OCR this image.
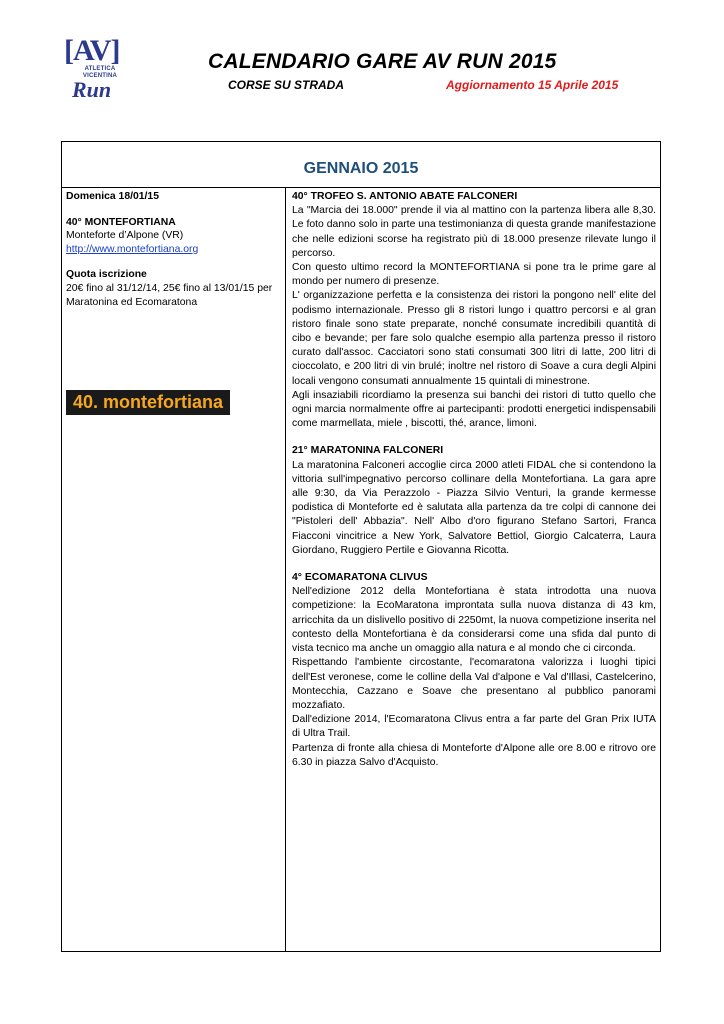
[AV]
ATLETICA VICENTINA
Run
CALENDARIO GARE AV RUN 2015
CORSE SU STRADA	Aggiornamento 15 Aprile 2015
GENNAIO 2015
Domenica 18/01/15
40° MONTEFORTIANA
Monteforte d’Alpone (VR)
http://www.montefortiana.org
Quota iscrizione
20€ fino al 31/12/14, 25€ fino al 13/01/15 per Maratonina ed Ecomaratona
40. montefortiana
40° TROFEO S. ANTONIO ABATE FALCONERI

La "Marcia dei 18.000" prende il via al mattino con la partenza libera alle 8,30. Le foto danno solo in parte una testimonianza di questa grande manifestazione che nelle edizioni scorse ha registrato più di 18.000 presenze rilevate lungo il percorso.

Con questo ultimo record la MONTEFORTIANA si pone tra le prime gare al mondo per numero di presenze.

L' organizzazione perfetta e la consistenza dei ristori la pongono nell' elite del podismo internazionale. Presso gli 8 ristori lungo i quattro percorsi e al gran ristoro finale sono state preparate, nonché consumate incredibili quantità di cibo e bevande; per fare solo qualche esempio alla partenza presso il ristoro curato dall'assoc. Cacciatori sono stati consumati 300 litri di latte, 200 litri di cioccolato, e 200 litri di vin brulé; inoltre nel ristoro di Soave a cura degli Alpini locali vengono consumati annualmente 15 quintali di minestrone.

Agli insaziabili ricordiamo la presenza sui banchi dei ristori di tutto quello che ogni marcia normalmente offre ai partecipanti: prodotti energetici indispensabili come marmellata, miele , biscotti, thé, arance, limoni.

21° MARATONINA FALCONERI

La maratonina Falconeri accoglie circa 2000 atleti FIDAL che si contendono la vittoria sull'impegnativo percorso collinare della Montefortiana. La gara apre alle 9:30, da Via Perazzolo - Piazza Silvio Venturi, la grande kermesse podistica di Monteforte ed è salutata alla partenza da tre colpi di cannone dei "Pistoleri dell' Abbazia". Nell' Albo d'oro figurano Stefano Sartori, Franca Fiacconi vincitrice a New York, Salvatore Bettiol, Giorgio Calcaterra, Laura Giordano, Ruggiero Pertile e Giovanna Ricotta.

4° ECOMARATONA CLIVUS

Nell'edizione 2012 della Montefortiana è stata introdotta una nuova competizione: la EcoMaratona improntata sulla nuova distanza di 43 km, arricchita da un dislivello positivo di 2250mt, la nuova competizione inserita nel contesto della Montefortiana è da considerarsi come una sfida dal punto di vista tecnico ma anche un omaggio alla natura e al mondo che ci circonda.

Rispettando l'ambiente circostante, l'ecomaratona valorizza i luoghi tipici dell'Est veronese, come le colline della Val d'alpone e Val d'Illasi, Castelcerino, Montecchia, Cazzano e Soave che presentano al pubblico panorami mozzafiato.

Dall'edizione 2014, l'Ecomaratona Clivus entra a far parte del Gran Prix IUTA di Ultra Trail.

Partenza di fronte alla chiesa di Monteforte d'Alpone alle ore 8.00 e ritrovo ore 6.30 in piazza Salvo d'Acquisto.
